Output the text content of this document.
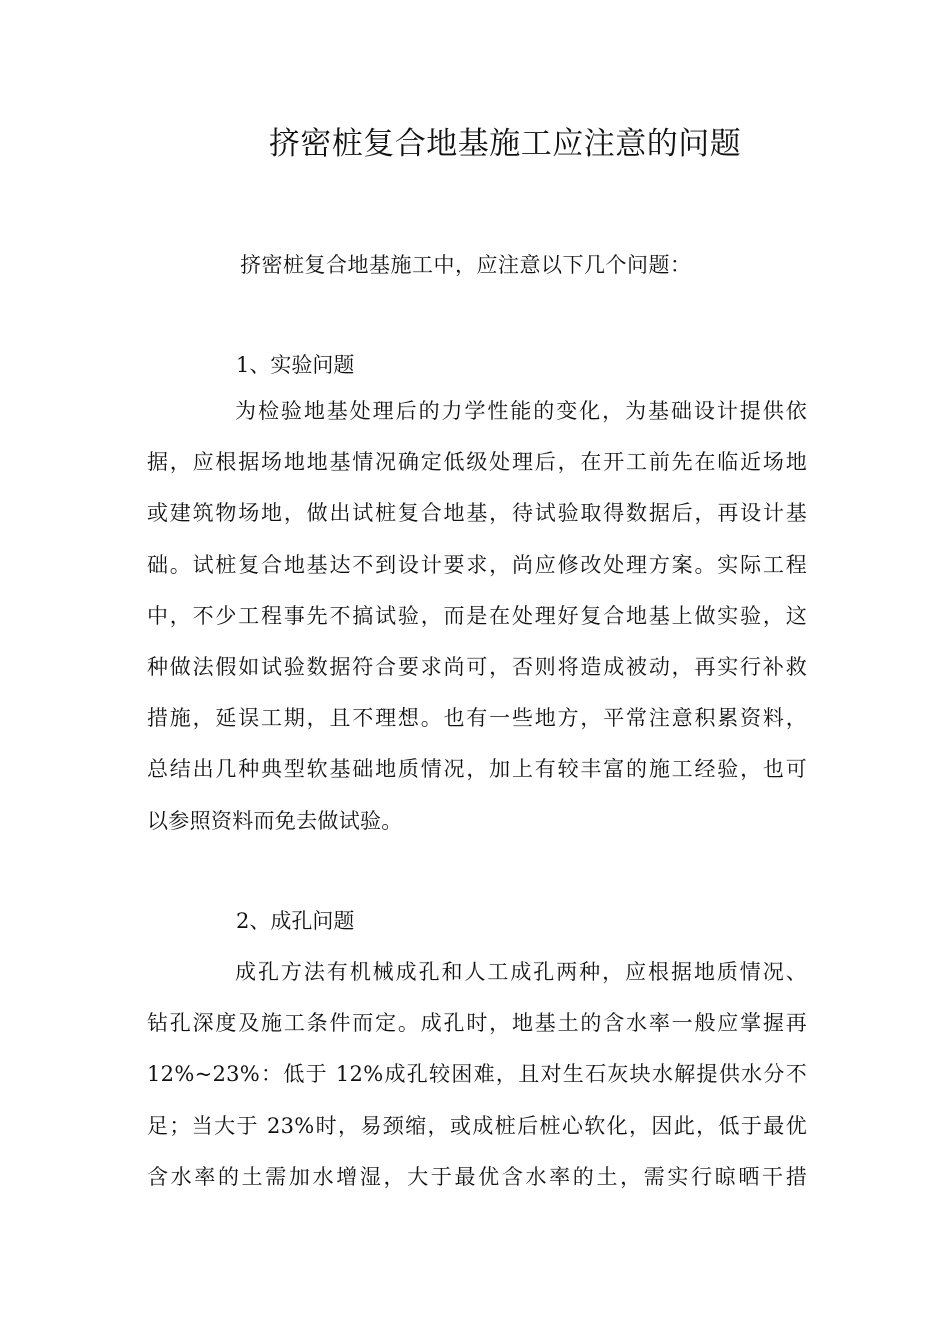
挤密桩复合地基施工应注意的问题
挤密桩复合地基施工中，应注意以下几个问题：
1、实验问题
为检验地基处理后的力学性能的变化，为基础设计提供依
据，应根据场地地基情况确定低级处理后，在开工前先在临近场地
或建筑物场地，做出试桩复合地基，待试验取得数据后，再设计基
础。试桩复合地基达不到设计要求，尚应修改处理方案。实际工程
中，不少工程事先不搞试验，而是在处理好复合地基上做实验，这
种做法假如试验数据符合要求尚可，否则将造成被动，再实行补救
措施，延误工期，且不理想。也有一些地方，平常注意积累资料，
总结出几种典型软基础地质情况，加上有较丰富的施工经验，也可
以参照资料而免去做试验。
2、成孔问题
成孔方法有机械成孔和人工成孔两种，应根据地质情况、
钻孔深度及施工条件而定。成孔时，地基土的含水率一般应掌握再
12%~23%：低于 12%成孔较困难，且对生石灰块水解提供水分不
足；当大于 23%时，易颈缩，或成桩后桩心软化，因此，低于最优
含水率的土需加水增湿，大于最优含水率的土，需实行晾晒干措
